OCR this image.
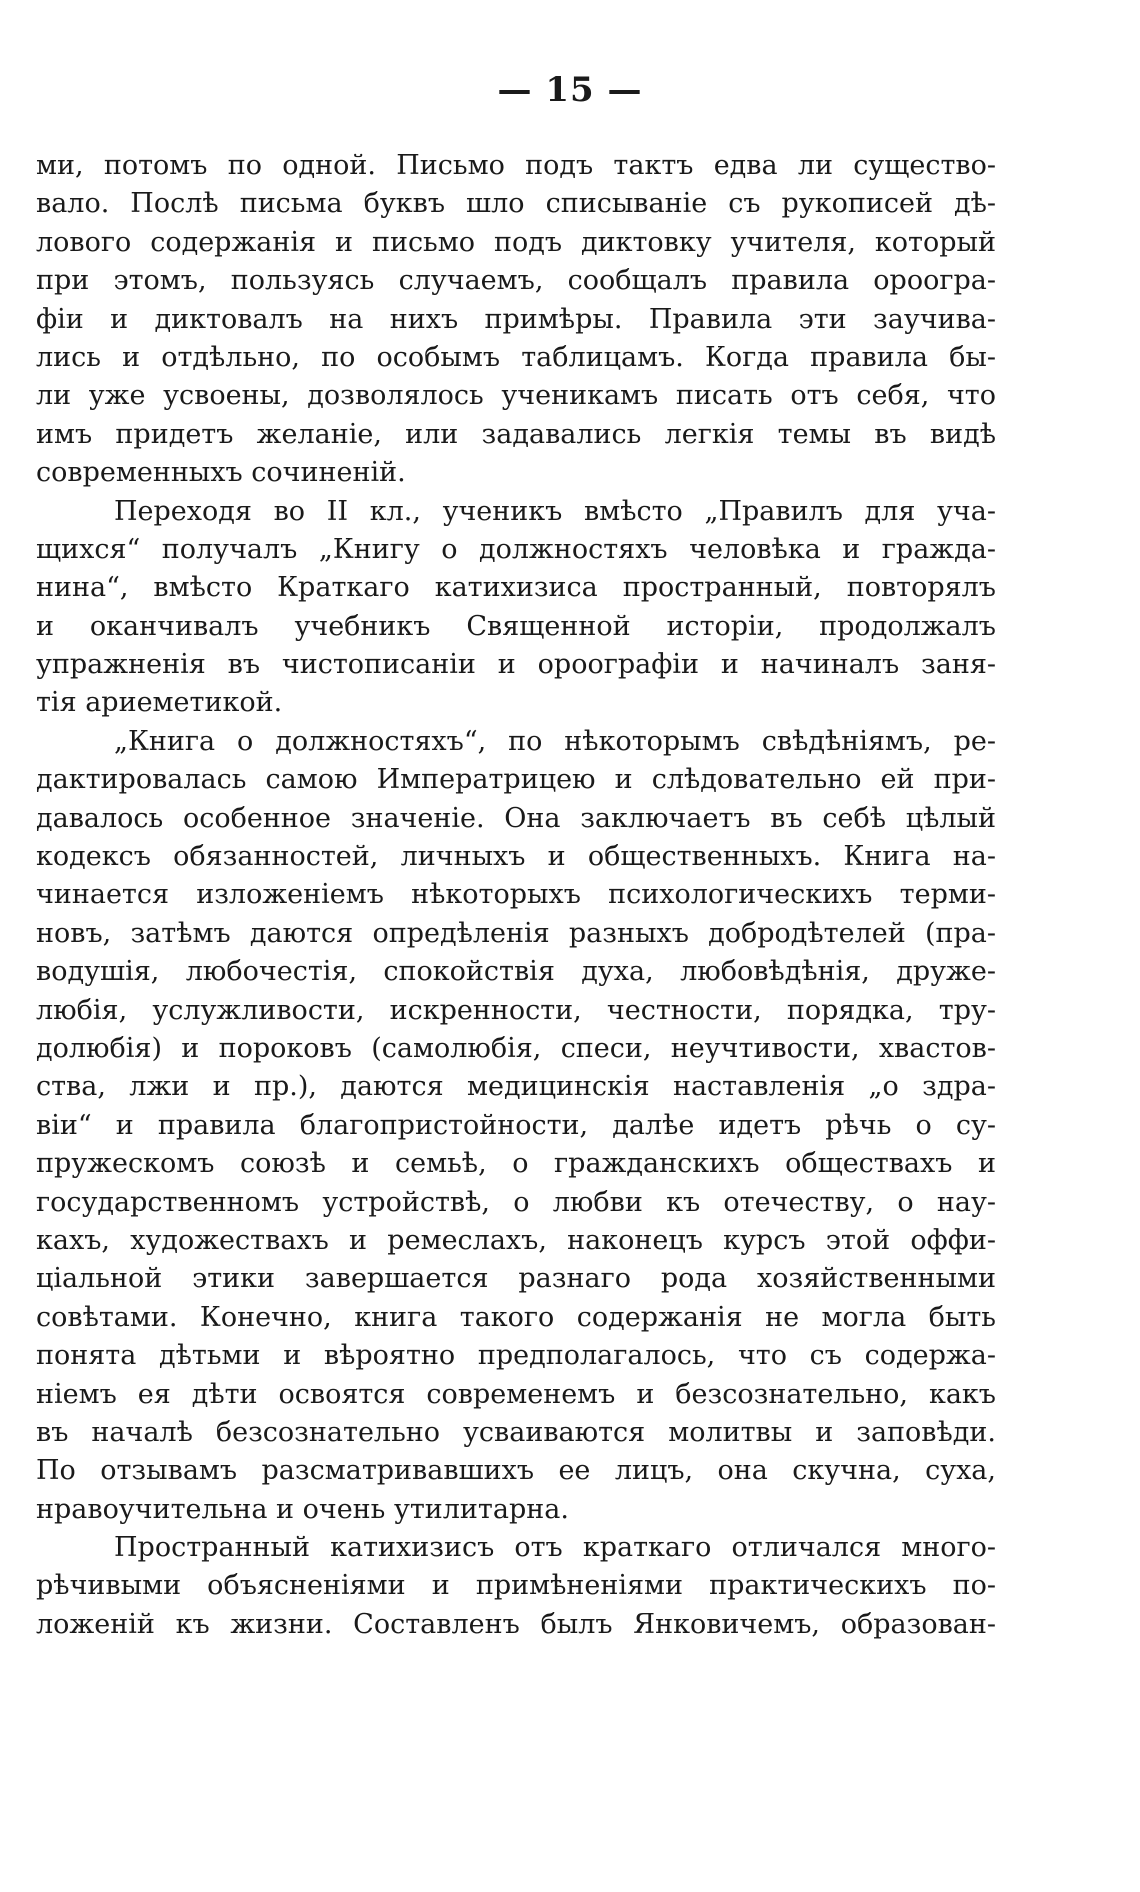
— 15 —
ми, потомъ по одной. Письмо подъ тактъ едва ли существо-
вало. Послѣ письма буквъ шло списываніе съ рукописей дѣ-
лового содержанія и письмо подъ диктовку учителя, который
при этомъ, пользуясь случаемъ, сообщалъ правила ороогра-
фіи и диктовалъ на нихъ примѣры. Правила эти заучива-
лись и отдѣльно, по особымъ таблицамъ. Когда правила бы-
ли уже усвоены, дозволялось ученикамъ писать отъ себя, что
имъ придетъ желаніе, или задавались легкія темы въ видѣ
современныхъ сочиненій.
Переходя во II кл., ученикъ вмѣсто „Правилъ для уча-
щихся“ получалъ „Книгу о должностяхъ человѣка и гражда-
нина“, вмѣсто Краткаго катихизиса пространный, повторялъ
и оканчивалъ учебникъ Священной исторіи, продолжалъ
упражненія въ чистописаніи и ороографіи и начиналъ заня-
тія ариеметикой.
„Книга о должностяхъ“, по нѣкоторымъ свѣдѣніямъ, ре-
дактировалась самою Императрицею и слѣдовательно ей при-
давалось особенное значеніе. Она заключаетъ въ себѣ цѣлый
кодексъ обязанностей, личныхъ и общественныхъ. Книга на-
чинается изложеніемъ нѣкоторыхъ психологическихъ терми-
новъ, затѣмъ даются опредѣленія разныхъ добродѣтелей (пра-
водушія, любочестія, спокойствія духа, любовѣдѣнія, друже-
любія, услужливости, искренности, честности, порядка, тру-
долюбія) и пороковъ (самолюбія, спеси, неучтивости, хвастов-
ства, лжи и пр.), даются медицинскія наставленія „о здра-
віи“ и правила благопристойности, далѣе идетъ рѣчь о су-
пружескомъ союзѣ и семьѣ, о гражданскихъ обществахъ и
государственномъ устройствѣ, о любви къ отечеству, о нау-
кахъ, художествахъ и ремеслахъ, наконецъ курсъ этой оффи-
ціальной этики завершается разнаго рода хозяйственными
совѣтами. Конечно, книга такого содержанія не могла быть
понята дѣтьми и вѣроятно предполагалось, что съ содержа-
ніемъ ея дѣти освоятся современемъ и безсознательно, какъ
въ началѣ безсознательно усваиваются молитвы и заповѣди.
По отзывамъ разсматривавшихъ ее лицъ, она скучна, суха,
нравоучительна и очень утилитарна.
Пространный катихизисъ отъ краткаго отличался много-
рѣчивыми объясненіями и примѣненіями практическихъ по-
ложеній къ жизни. Составленъ былъ Янковичемъ, образован-
